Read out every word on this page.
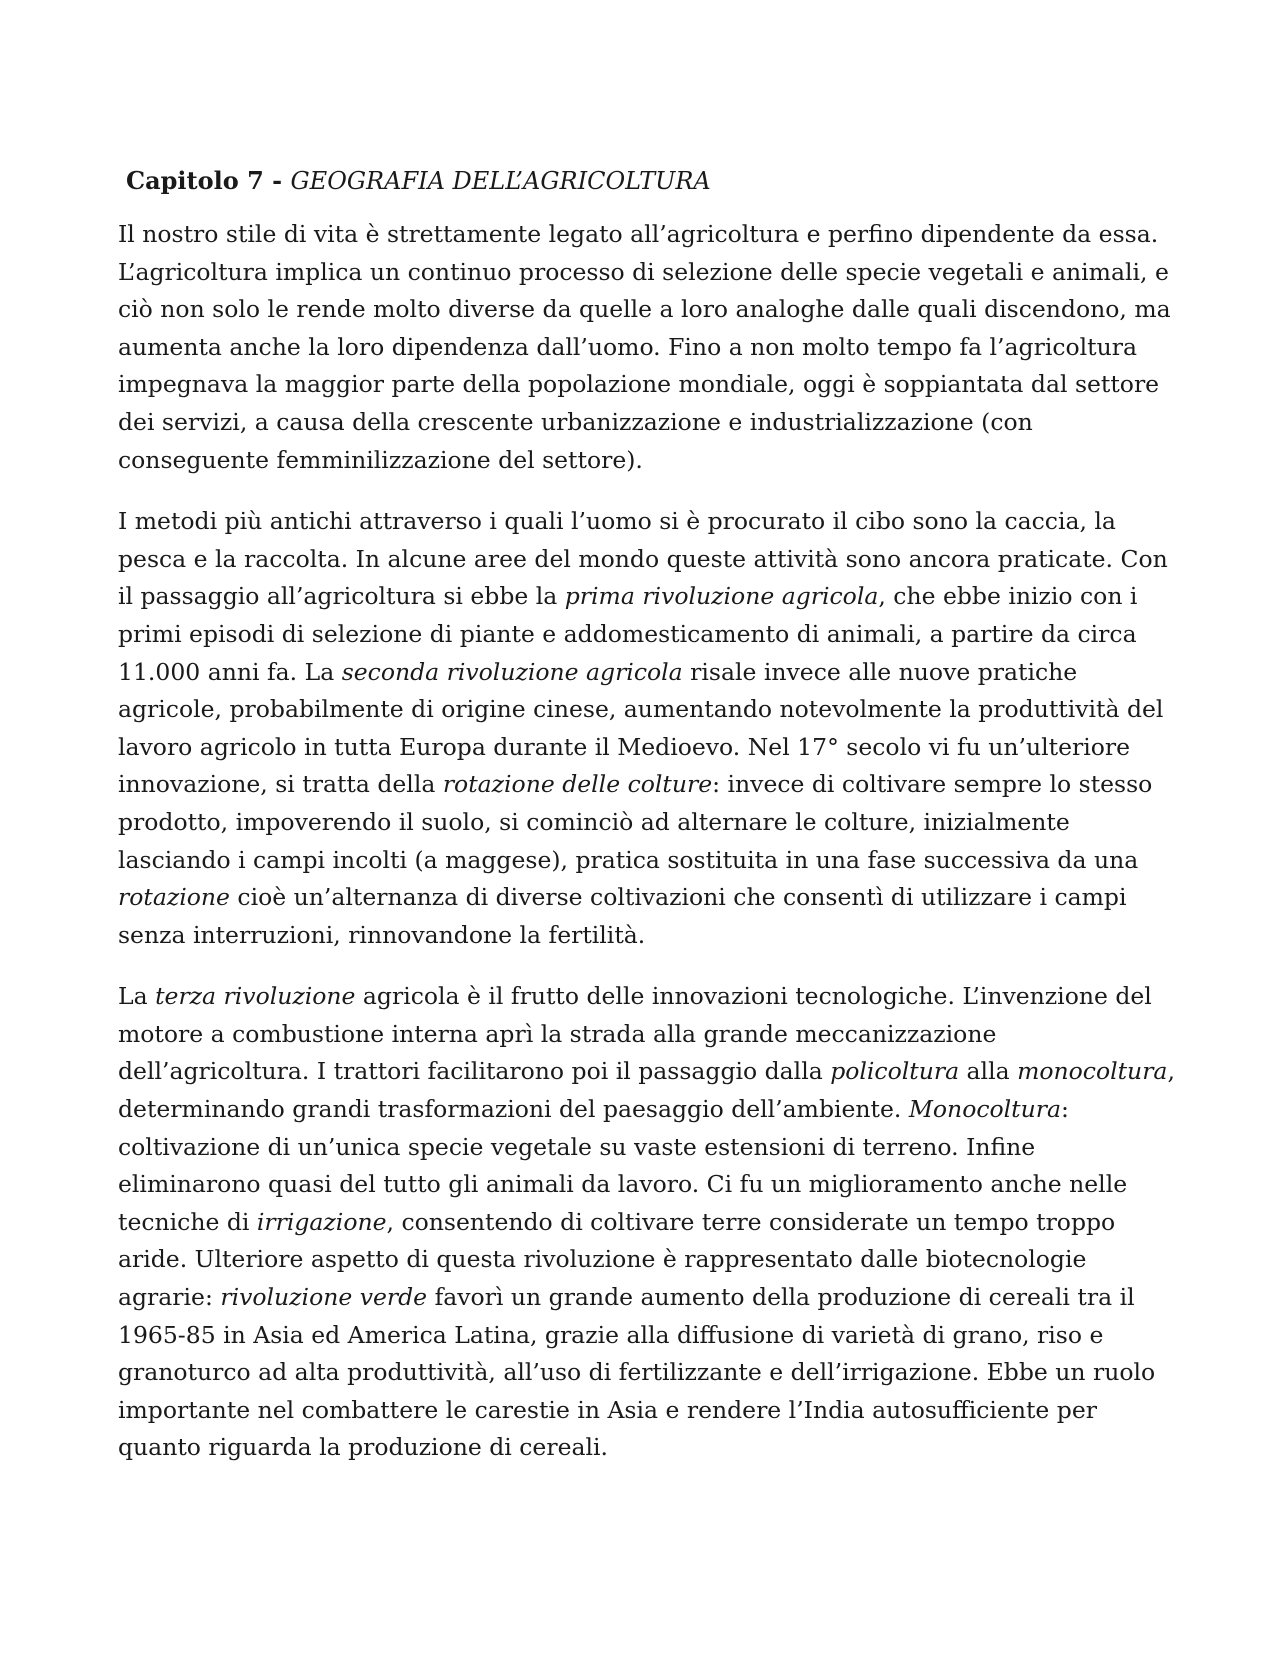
Capitolo 7 - GEOGRAFIA DELL’AGRICOLTURA

Il nostro stile di vita è strettamente legato all’agricoltura e perfino dipendente da essa. L’agricoltura implica un continuo processo di selezione delle specie vegetali e animali, e ciò non solo le rende molto diverse da quelle a loro analoghe dalle quali discendono, ma aumenta anche la loro dipendenza dall’uomo. Fino a non molto tempo fa l’agricoltura impegnava la maggior parte della popolazione mondiale, oggi è soppiantata dal settore dei servizi, a causa della crescente urbanizzazione e industrializzazione (con conseguente femminilizzazione del settore).

I metodi più antichi attraverso i quali l’uomo si è procurato il cibo sono la caccia, la pesca e la raccolta. In alcune aree del mondo queste attività sono ancora praticate. Con il passaggio all’agricoltura si ebbe la prima rivoluzione agricola, che ebbe inizio con i primi episodi di selezione di piante e addomesticamento di animali, a partire da circa 11.000 anni fa. La seconda rivoluzione agricola risale invece alle nuove pratiche agricole, probabilmente di origine cinese, aumentando notevolmente la produttività del lavoro agricolo in tutta Europa durante il Medioevo. Nel 17° secolo vi fu un’ulteriore innovazione, si tratta della rotazione delle colture: invece di coltivare sempre lo stesso prodotto, impoverendo il suolo, si cominciò ad alternare le colture, inizialmente lasciando i campi incolti (a maggese), pratica sostituita in una fase successiva da una rotazione cioè un’alternanza di diverse coltivazioni che consentì di utilizzare i campi senza interruzioni, rinnovandone la fertilità.

La terza rivoluzione agricola è il frutto delle innovazioni tecnologiche. L’invenzione del motore a combustione interna aprì la strada alla grande meccanizzazione dell’agricoltura. I trattori facilitarono poi il passaggio dalla policoltura alla monocoltura, determinando grandi trasformazioni del paesaggio dell’ambiente. Monocoltura: coltivazione di un’unica specie vegetale su vaste estensioni di terreno. Infine eliminarono quasi del tutto gli animali da lavoro. Ci fu un miglioramento anche nelle tecniche di irrigazione, consentendo di coltivare terre considerate un tempo troppo aride. Ulteriore aspetto di questa rivoluzione è rappresentato dalle biotecnologie agrarie: rivoluzione verde favorì un grande aumento della produzione di cereali tra il 1965-85 in Asia ed America Latina, grazie alla diffusione di varietà di grano, riso e granoturco ad alta produttività, all’uso di fertilizzante e dell’irrigazione. Ebbe un ruolo importante nel combattere le carestie in Asia e rendere l’India autosufficiente per quanto riguarda la produzione di cereali.
